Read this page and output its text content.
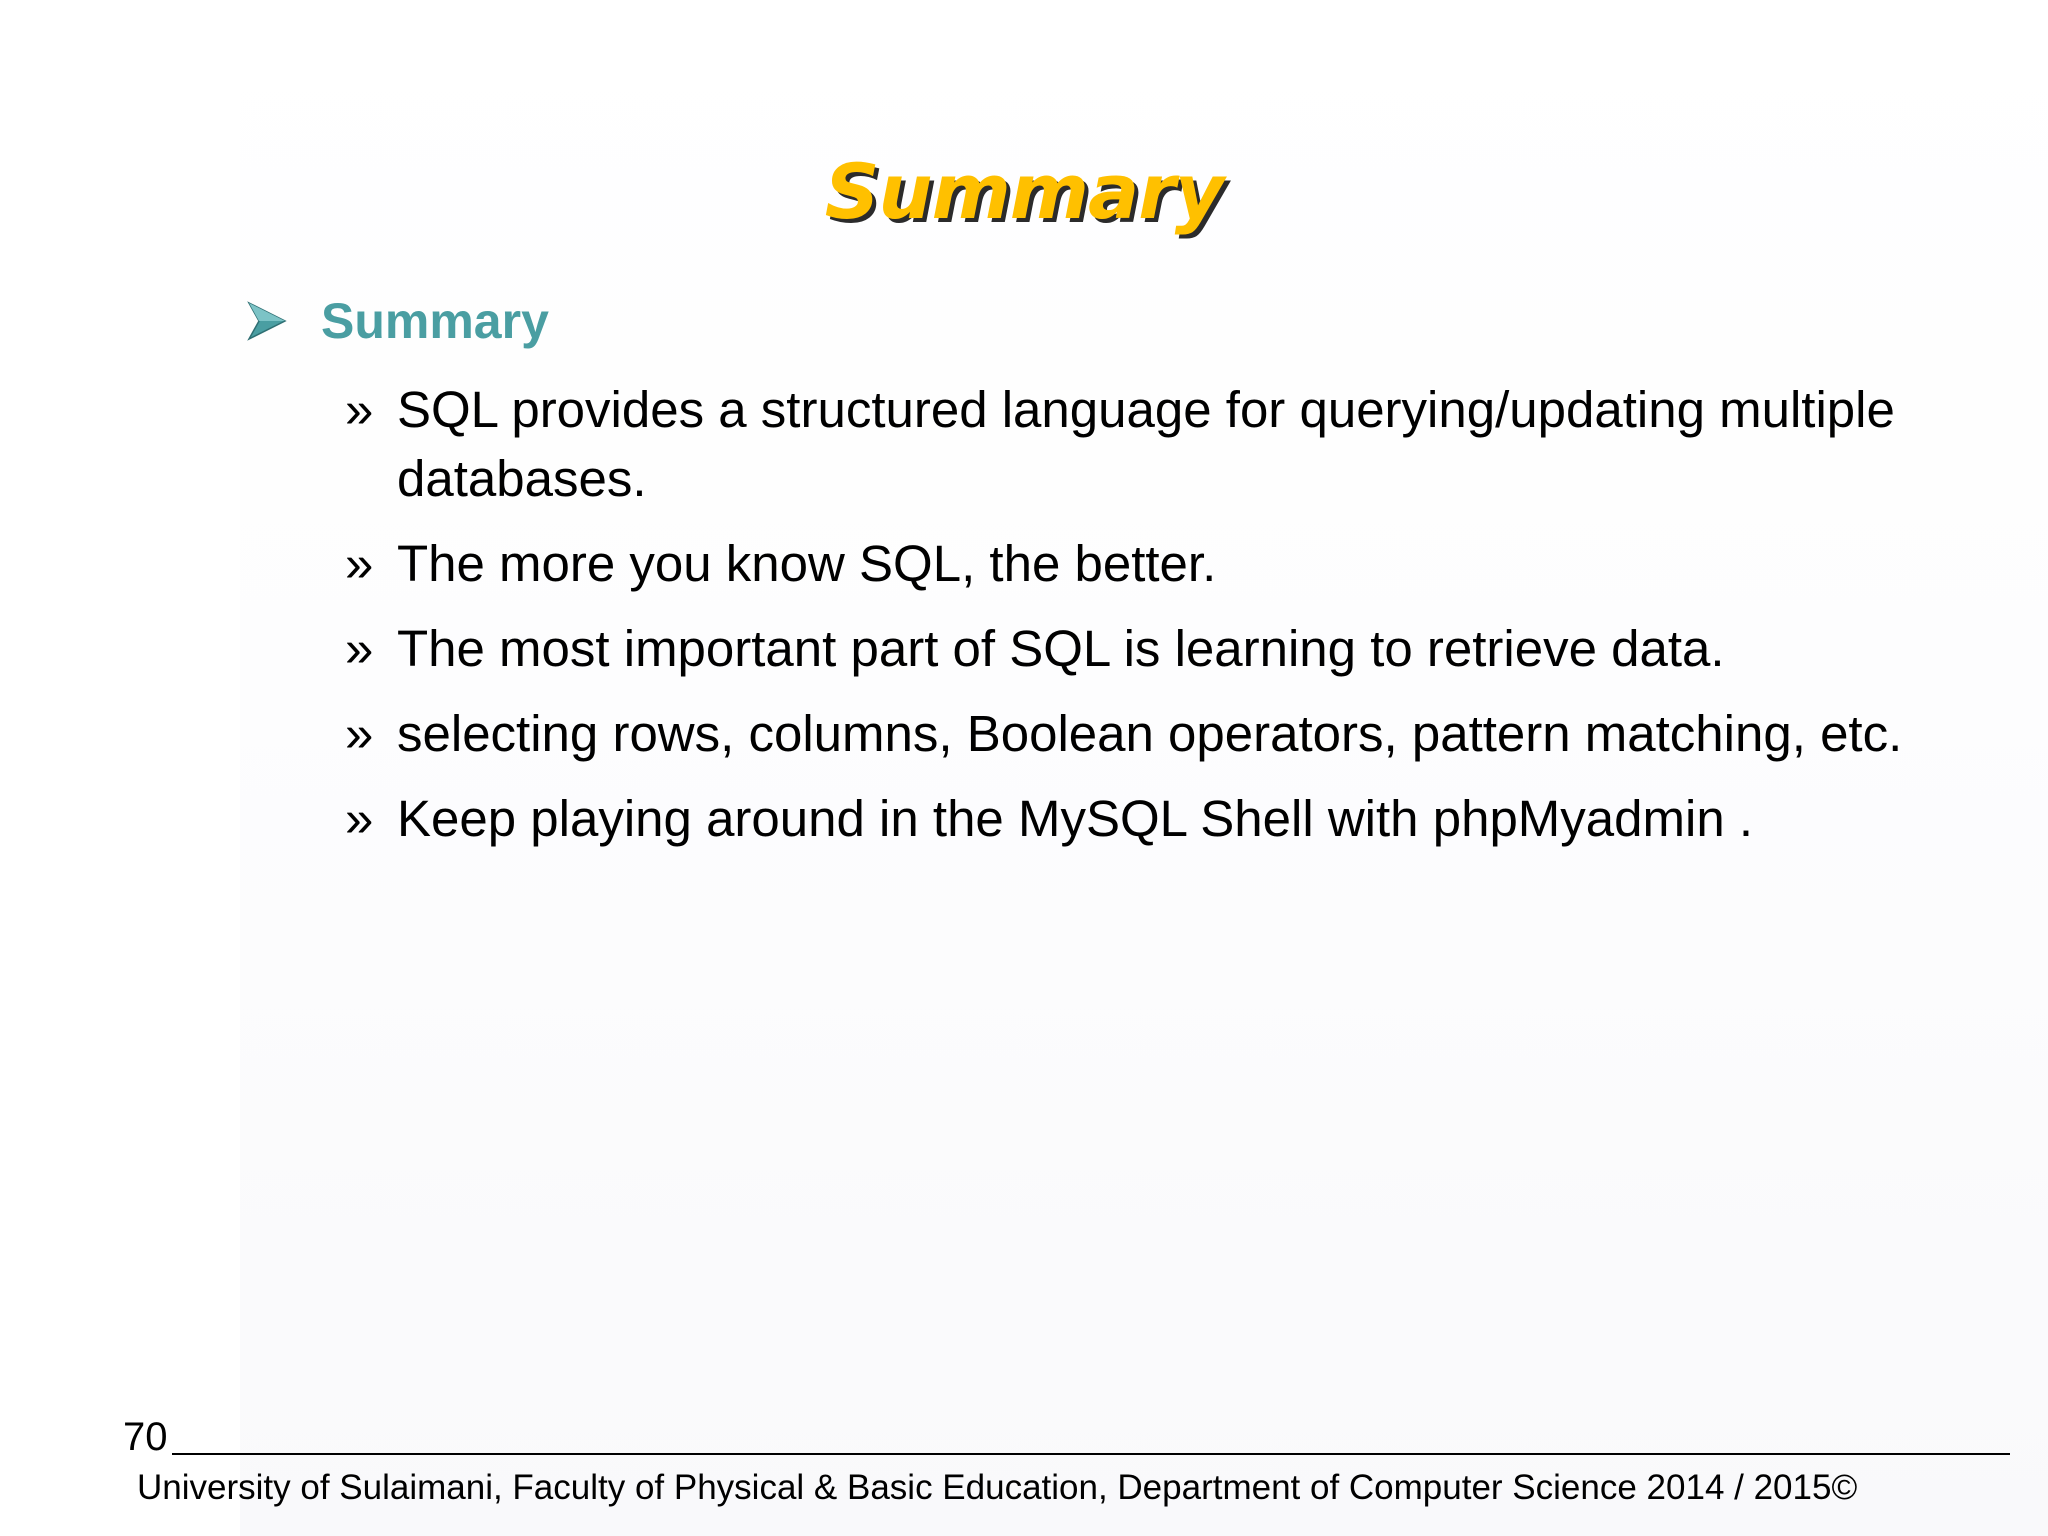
Summary
Summary
» SQL provides a structured language for querying/updating multiple databases.
» The more you know SQL, the better.
» The most important part of SQL is learning to retrieve data.
» selecting rows, columns, Boolean operators, pattern matching, etc.
» Keep playing around in the MySQL Shell with phpMyadmin .
70
University of Sulaimani, Faculty of Physical & Basic Education, Department of Computer Science 2014 / 2015©
